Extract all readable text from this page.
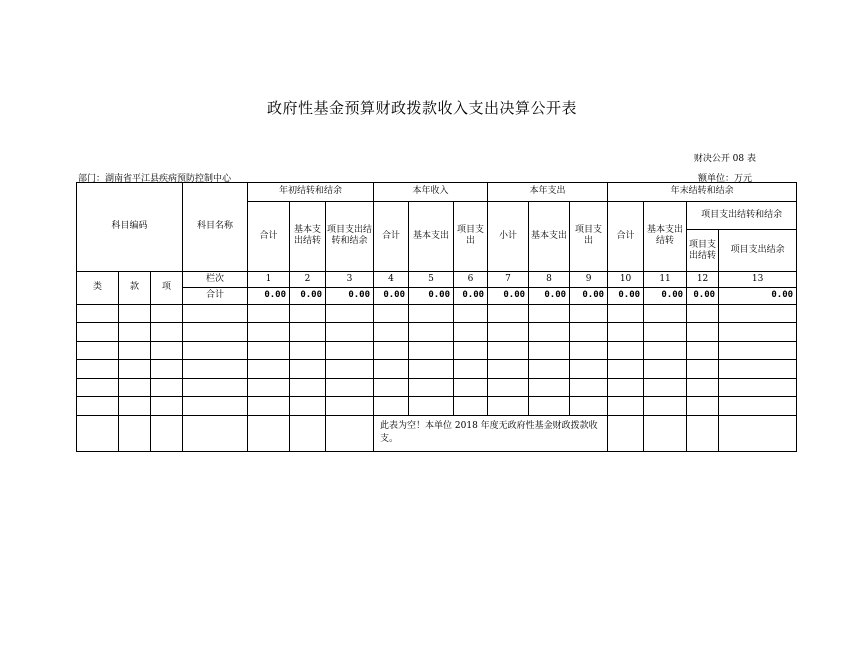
政府性基金预算财政拨款收入支出决算公开表
财决公开 08 表
部门：湖南省平江县疾病预防控制中心	额单位：万元
科目编码			科目名称	年初结转和结余			本年收入			本年支出			年末结转和结余			
				合计	基本支出结转	项目支出结转和结余	合计	基本支出	项目支出	小计	基本支出	项目支出	合计	基本支出结转	项目支出结转和结余	
															项目支出结转	项目支出结余
类	款	项	栏次	1	2	3	4	5	6	7	8	9	10	11	12	13
			合计	0.00	0.00	0.00	0.00	0.00	0.00	0.00	0.00	0.00	0.00	0.00	0.00	0.00

							此表为空！本单位 2018 年度无政府性基金财政拨款收支。									
